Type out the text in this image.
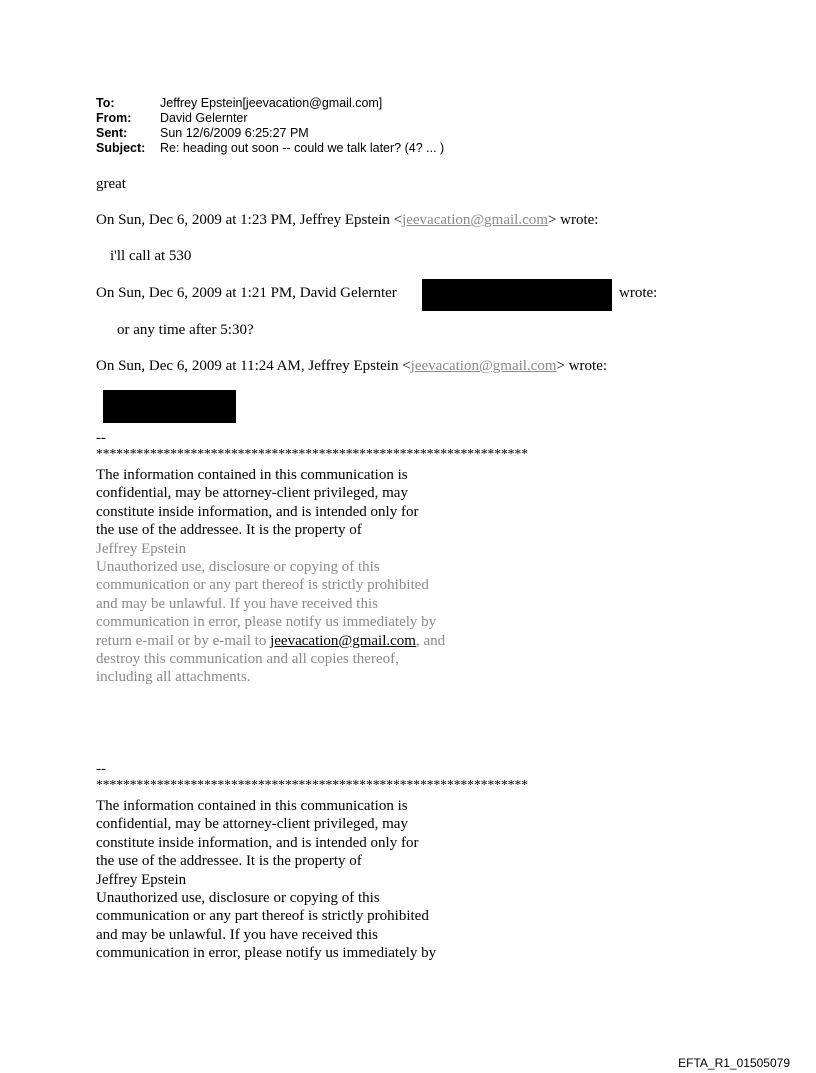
To:	Jeffrey Epstein[jeevacation@gmail.com]
From:	David Gelernter
Sent:	Sun 12/6/2009 6:25:27 PM
Subject:	Re: heading out soon -- could we talk later? (4? ... )
great
On Sun, Dec 6, 2009 at 1:23 PM, Jeffrey Epstein <jeevacation@gmail.com> wrote:
i'll call at 530
On Sun, Dec 6, 2009 at 1:21 PM, David Gelernter	wrote:
or any time after 5:30?
On Sun, Dec 6, 2009 at 11:24 AM, Jeffrey Epstein <jeevacation@gmail.com> wrote:
--
****************************************************************
The information contained in this communication is
confidential, may be attorney-client privileged, may
constitute inside information, and is intended only for
the use of the addressee. It is the property of
Jeffrey Epstein
Unauthorized use, disclosure or copying of this
communication or any part thereof is strictly prohibited
and may be unlawful. If you have received this
communication in error, please notify us immediately by
return e-mail or by e-mail to jeevacation@gmail.com, and
destroy this communication and all copies thereof,
including all attachments.
--
****************************************************************
The information contained in this communication is
confidential, may be attorney-client privileged, may
constitute inside information, and is intended only for
the use of the addressee. It is the property of
Jeffrey Epstein
Unauthorized use, disclosure or copying of this
communication or any part thereof is strictly prohibited
and may be unlawful. If you have received this
communication in error, please notify us immediately by
EFTA_R1_01505079
